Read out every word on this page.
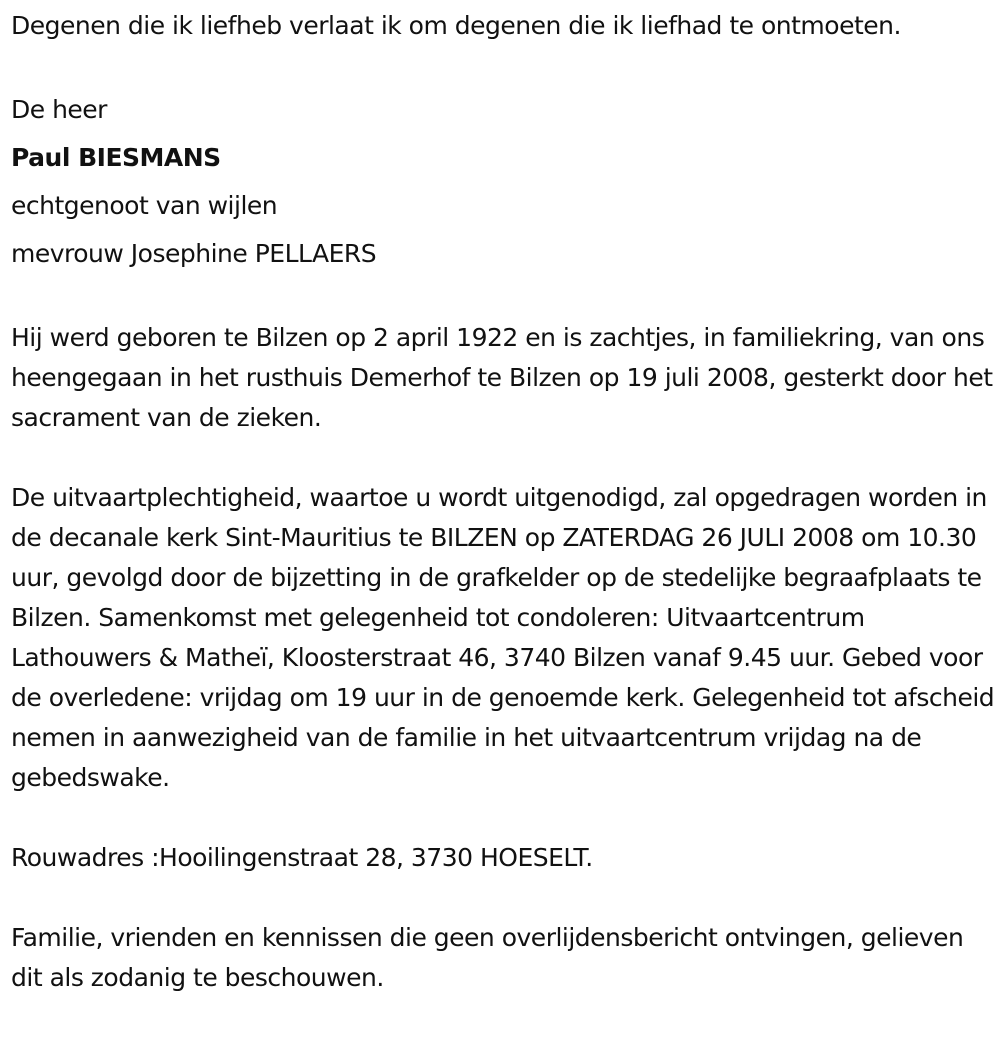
Degenen die ik liefheb verlaat ik om degenen die ik liefhad te ontmoeten.

De heer

Paul BIESMANS

echtgenoot van wijlen

mevrouw Josephine PELLAERS

Hij werd geboren te Bilzen op 2 april 1922 en is zachtjes, in familiekring, van ons heengegaan in het rusthuis Demerhof te Bilzen op 19 juli 2008, gesterkt door het sacrament van de zieken.

De uitvaartplechtigheid, waartoe u wordt uitgenodigd, zal opgedragen worden in de decanale kerk Sint-Mauritius te BILZEN op ZATERDAG 26 JULI 2008 om 10.30 uur, gevolgd door de bijzetting in de grafkelder op de stedelijke begraafplaats te Bilzen. Samenkomst met gelegenheid tot condoleren: Uitvaartcentrum Lathouwers & Matheï, Kloosterstraat 46, 3740 Bilzen vanaf 9.45 uur. Gebed voor de overledene: vrijdag om 19 uur in de genoemde kerk. Gelegenheid tot afscheid nemen in aanwezigheid van de familie in het uitvaartcentrum vrijdag na de gebedswake.

Rouwadres :Hooilingenstraat 28, 3730 HOESELT.

Familie, vrienden en kennissen die geen overlijdensbericht ontvingen, gelieven dit als zodanig te beschouwen.
